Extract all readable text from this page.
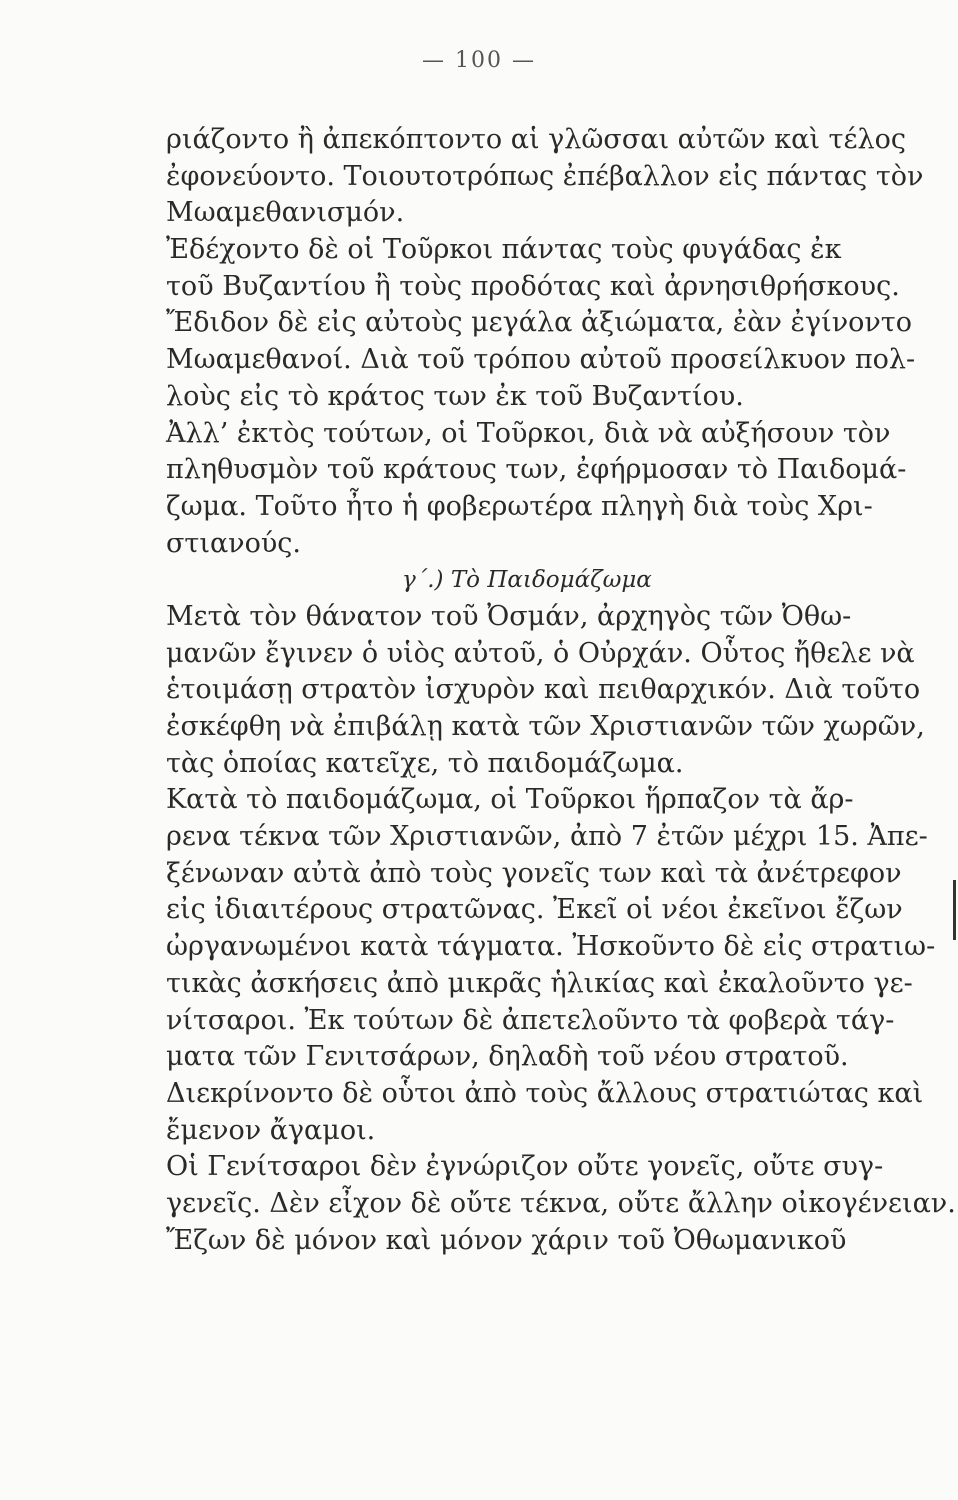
— 100 —
ριάζοντο ἢ ἀπεκόπτοντο αἱ γλῶσσαι αὐτῶν καὶ τέλος
ἐφονεύοντο. Τοιουτοτρόπως ἐπέβαλλον εἰς πάντας τὸν
Μωαμεθανισμόν.
Ἐδέχοντο δὲ οἱ Τοῦρκοι πάντας τοὺς φυγάδας ἐκ
τοῦ Βυζαντίου ἢ τοὺς προδότας καὶ ἀρνησιθρήσκους.
Ἔδιδον δὲ εἰς αὐτοὺς μεγάλα ἀξιώματα, ἐὰν ἐγίνοντο
Μωαμεθανοί. Διὰ τοῦ τρόπου αὐτοῦ προσείλκυον πολ-
λοὺς εἰς τὸ κράτος των ἐκ τοῦ Βυζαντίου.
Ἀλλ’ ἐκτὸς τούτων, οἱ Τοῦρκοι, διὰ νὰ αὐξήσουν τὸν
πληθυσμὸν τοῦ κράτους των, ἐφήρμοσαν τὸ Παιδομά-
ζωμα. Τοῦτο ἦτο ἡ φοβερωτέρα πληγὴ διὰ τοὺς Χρι-
στιανούς.
γ΄.) Τὸ Παιδομάζωμα
Μετὰ τὸν θάνατον τοῦ Ὀσμάν, ἀρχηγὸς τῶν Ὀθω-
μανῶν ἔγινεν ὁ υἱὸς αὐτοῦ, ὁ Οὐρχάν. Οὗτος ἤθελε νὰ
ἑτοιμάσῃ στρατὸν ἰσχυρὸν καὶ πειθαρχικόν. Διὰ τοῦτο
ἐσκέφθη νὰ ἐπιβάλῃ κατὰ τῶν Χριστιανῶν τῶν χωρῶν,
τὰς ὁποίας κατεῖχε, τὸ παιδομάζωμα.
Κατὰ τὸ παιδομάζωμα, οἱ Τοῦρκοι ἥρπαζον τὰ ἄρ-
ρενα τέκνα τῶν Χριστιανῶν, ἀπὸ 7 ἐτῶν μέχρι 15. Ἀπε-
ξένωναν αὐτὰ ἀπὸ τοὺς γονεῖς των καὶ τὰ ἀνέτρεφον
εἰς ἰδιαιτέρους στρατῶνας. Ἐκεῖ οἱ νέοι ἐκεῖνοι ἔζων
ὠργανωμένοι κατὰ τάγματα. Ἠσκοῦντο δὲ εἰς στρατιω-
τικὰς ἀσκήσεις ἀπὸ μικρᾶς ἡλικίας καὶ ἐκαλοῦντο γε-
νίτσαροι. Ἐκ τούτων δὲ ἀπετελοῦντο τὰ φοβερὰ τάγ-
ματα τῶν Γενιτσάρων, δηλαδὴ τοῦ νέου στρατοῦ.
Διεκρίνοντο δὲ οὗτοι ἀπὸ τοὺς ἄλλους στρατιώτας καὶ
ἔμενον ἄγαμοι.
Οἱ Γενίτσαροι δὲν ἐγνώριζον οὔτε γονεῖς, οὔτε συγ-
γενεῖς. Δὲν εἶχον δὲ οὔτε τέκνα, οὔτε ἄλλην οἰκογένειαν.
Ἔζων δὲ μόνον καὶ μόνον χάριν τοῦ Ὀθωμανικοῦ
